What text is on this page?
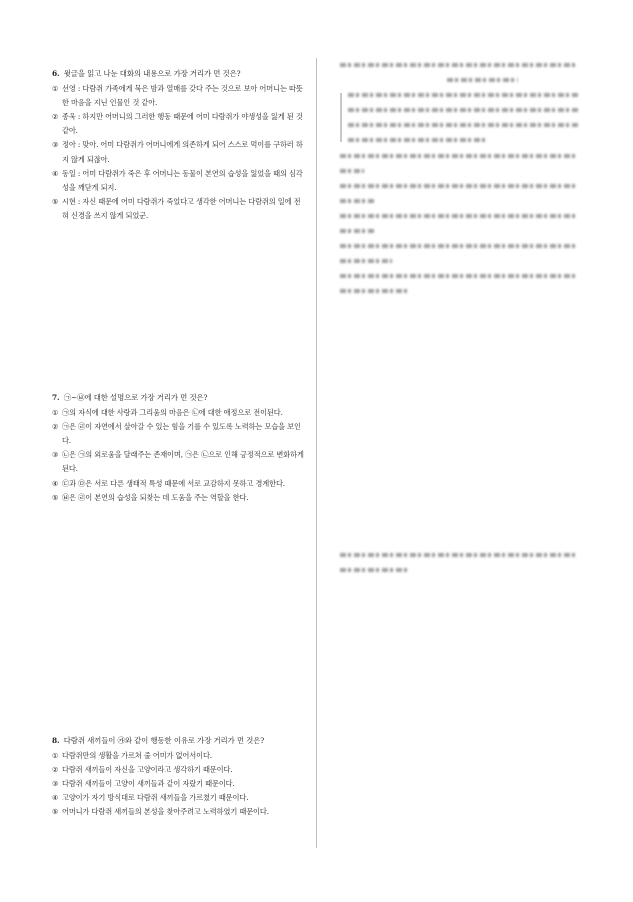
6. 윗글을 읽고 나눈 대화의 내용으로 가장 거리가 먼 것은?

① 선영 : 다람쥐 가족에게 묵은 밤과 열매를 갖다 주는 것으로 보아 어머니는 따뜻한 마음을 지닌 인물인 것 같아.

② 종욱 : 하지만 어머니의 그러한 행동 때문에 어미 다람쥐가 야생성을 잃게 된 것 같아.

③ 정아 : 맞아. 어미 다람쥐가 어머니에게 의존하게 되어 스스로 먹이를 구하러 하지 않게 되잖아.

④ 동일 : 어미 다람쥐가 죽은 후 어머니는 동물이 본연의 습성을 잃었을 때의 심각성을 깨닫게 되지.

⑤ 시현 : 자신 때문에 어미 다람쥐가 죽었다고 생각한 어머니는 다람쥐의 일에 전혀 신경을 쓰지 않게 되었군.

7. ㉠~㉥에 대한 설명으로 가장 거리가 먼 것은?

① ㉠의 자식에 대한 사랑과 그리움의 마음은 ㉡에 대한 애정으로 전이된다.

② ㉠은 ㉣이 자연에서 살아갈 수 있는 힘을 기를 수 있도록 노력하는 모습을 보인다.

③ ㉡은 ㉠의 외로움을 달래주는 존재이며, ㉠은 ㉡으로 인해 긍정적으로 변화하게 된다.

④ ㉢과 ㉤은 서로 다른 생태적 특성 때문에 서로 교감하지 못하고 경계한다.

⑤ ㉥은 ㉣이 본연의 습성을 되찾는 데 도움을 주는 역할을 한다.

8. 다람쥐 새끼들이 ㉮와 같이 행동한 이유로 가장 거리가 먼 것은?

① 다람쥐만의 생활을 가르쳐 줄 어미가 없어서이다.

② 다람쥐 새끼들이 자신을 고양이라고 생각하기 때문이다.

③ 다람쥐 새끼들이 고양이 새끼들과 같이 자랐기 때문이다.

④ 고양이가 자기 방식대로 다람쥐 새끼들을 가르쳤기 때문이다.

⑤ 어머니가 다람쥐 새끼들의 본성을 찾아주려고 노력하였기 때문이다.
